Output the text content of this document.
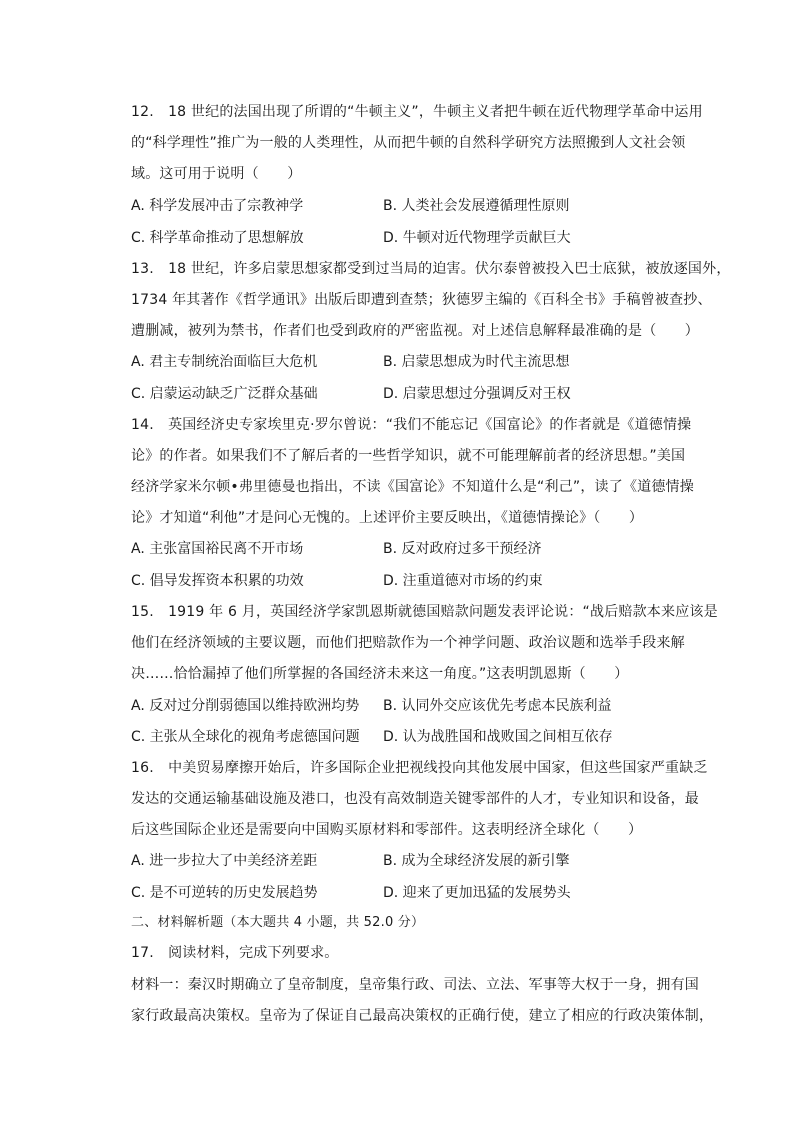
12.　18 世纪的法国出现了所谓的“牛顿主义”，牛顿主义者把牛顿在近代物理学革命中运用
的“科学理性”推广为一般的人类理性，从而把牛顿的自然科学研究方法照搬到人文社会领
域。这可用于说明（　　）
A. 科学发展冲击了宗教神学	B. 人类社会发展遵循理性原则
C. 科学革命推动了思想解放	D. 牛顿对近代物理学贡献巨大
13.　18 世纪，许多启蒙思想家都受到过当局的迫害。伏尔泰曾被投入巴士底狱，被放逐国外，
1734 年其著作《哲学通讯》出版后即遭到查禁；狄德罗主编的《百科全书》手稿曾被查抄、
遭删减，被列为禁书，作者们也受到政府的严密监视。对上述信息解释最准确的是（　　）
A. 君主专制统治面临巨大危机	B. 启蒙思想成为时代主流思想
C. 启蒙运动缺乏广泛群众基础	D. 启蒙思想过分强调反对王权
14.　英国经济史专家埃里克·罗尔曾说：“我们不能忘记《国富论》的作者就是《道德情操
论》的作者。如果我们不了解后者的一些哲学知识，就不可能理解前者的经济思想。”美国
经济学家米尔顿•弗里德曼也指出，不读《国富论》不知道什么是“利己”，读了《道德情操
论》才知道“利他”才是问心无愧的。上述评价主要反映出，《道德情操论》（　　）
A. 主张富国裕民离不开市场	B. 反对政府过多干预经济
C. 倡导发挥资本积累的功效	D. 注重道德对市场的约束
15.　1919 年 6 月，英国经济学家凯恩斯就德国赔款问题发表评论说：“战后赔款本来应该是
他们在经济领域的主要议题，而他们把赔款作为一个神学问题、政治议题和选举手段来解
决……恰恰漏掉了他们所掌握的各国经济未来这一角度。”这表明凯恩斯（　　）
A. 反对过分削弱德国以维持欧洲均势 B. 认同外交应该优先考虑本民族利益
C. 主张从全球化的视角考虑德国问题 D. 认为战胜国和战败国之间相互依存
16.　中美贸易摩擦开始后，许多国际企业把视线投向其他发展中国家，但这些国家严重缺乏
发达的交通运输基础设施及港口，也没有高效制造关键零部件的人才，专业知识和设备，最
后这些国际企业还是需要向中国购买原材料和零部件。这表明经济全球化（　　）
A. 进一步拉大了中美经济差距	B. 成为全球经济发展的新引擎
C. 是不可逆转的历史发展趋势	D. 迎来了更加迅猛的发展势头
二、材料解析题（本大题共 4 小题，共 52.0 分）
17.　阅读材料，完成下列要求。
材料一：秦汉时期确立了皇帝制度，皇帝集行政、司法、立法、军事等大权于一身，拥有国
家行政最高决策权。皇帝为了保证自己最高决策权的正确行使，建立了相应的行政决策体制，
